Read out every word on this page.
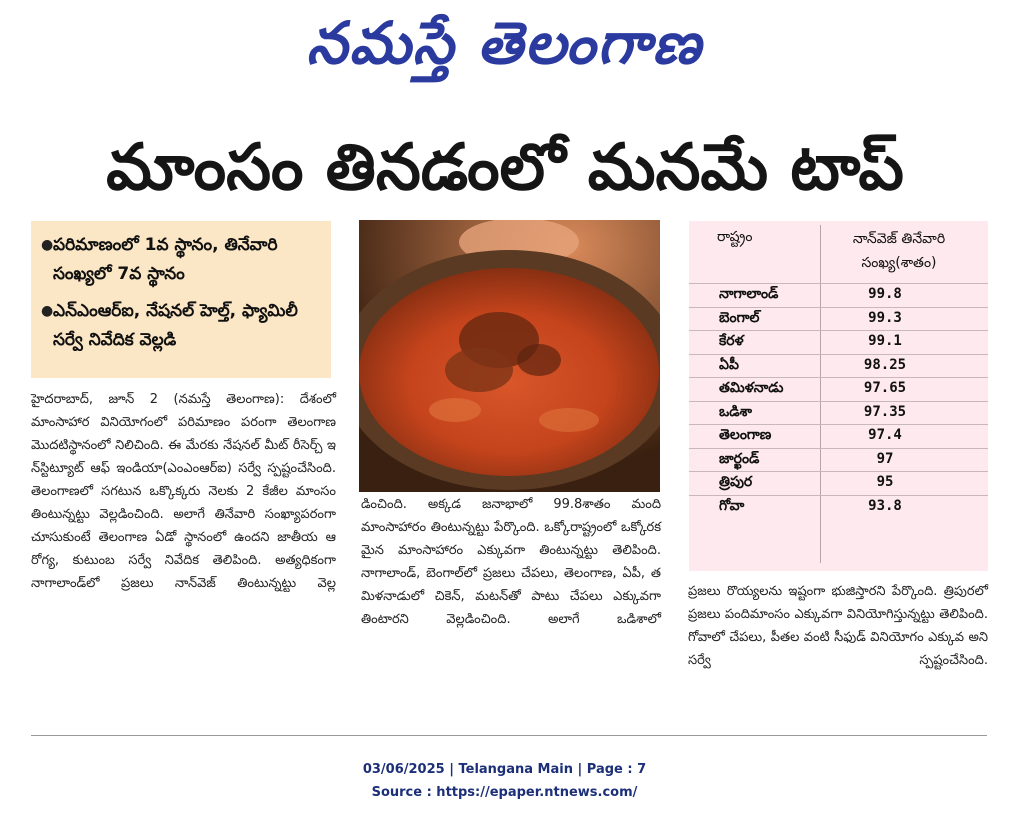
నమస్తే తెలంగాణ
మాంసం తినడంలో మనమే టాప్
● పరిమాణంలో 1వ స్థానం, తినేవారి సంఖ్యలో 7వ స్థానం
● ఎన్‌ఎంఆర్‌ఐ, నేషనల్ హెల్త్, ఫ్యామిలీ సర్వే నివేదిక వెల్లడి

హైదరాబాద్, జూన్ 2 (నమస్తే తెలంగాణ): దేశంలో మాంసాహార వినియోగంలో పరిమాణం పరంగా తెలంగాణ మొదటిస్థానంలో నిలిచింది. ఈ మేరకు నేషనల్ మీట్ రీసెర్చ్ ఇన్‌స్టిట్యూట్ ఆఫ్ ఇండియా(ఎంఎంఆర్‌ఐ) సర్వే స్పష్టంచేసింది. తెలంగాణలో సగటున ఒక్కొక్కరు నెలకు 2 కేజీల మాంసం తింటున్నట్టు వెల్లడించింది. అలాగే తినేవారి సంఖ్యాపరంగా చూసుకుంటే తెలంగాణ ఏడో స్థానంలో ఉందని జాతీయ ఆరోగ్య, కుటుంబ సర్వే నివేదిక తెలిపింది. అత్యధికంగా నాగాలాండ్‌లో ప్రజలు నాన్‌వెజ్ తింటున్నట్టు వెల్ల

డించింది. అక్కడ జనాభాలో 99.8శాతం మంది మాంసాహారం తింటున్నట్టు పేర్కొంది. ఒక్కోరాష్ట్రంలో ఒక్కోరకమైన మాంసాహారం ఎక్కువగా తింటున్నట్టు తెలిపింది. నాగాలాండ్, బెంగాల్‌లో ప్రజలు చేపలు, తెలంగాణ, ఏపీ, తమిళనాడులో చికెన్, మటన్‌తో పాటు చేపలు ఎక్కువగా తింటారని వెల్లడించింది. అలాగే ఒడిశాలో

రాష్ట్రం	నాన్‌వెజ్ తినేవారి సంఖ్య(శాతం)
నాగాలాండ్	99.8
బెంగాల్	99.3
కేరళ	99.1
ఏపీ	98.25
తమిళనాడు	97.65
ఒడిశా	97.35
తెలంగాణ	97.4
జార్ఖండ్	97
త్రిపుర	95
గోవా	93.8

ప్రజలు రొయ్యలను ఇష్టంగా భుజిస్తారని పేర్కొంది. త్రిపురలో ప్రజలు పందిమాంసం ఎక్కువగా వినియోగిస్తున్నట్టు తెలిపింది. గోవాలో చేపలు, పీతల వంటి సీఫుడ్ వినియోగం ఎక్కువ అని సర్వే స్పష్టంచేసింది.

03/06/2025 | Telangana Main | Page : 7
Source : https://epaper.ntnews.com/
